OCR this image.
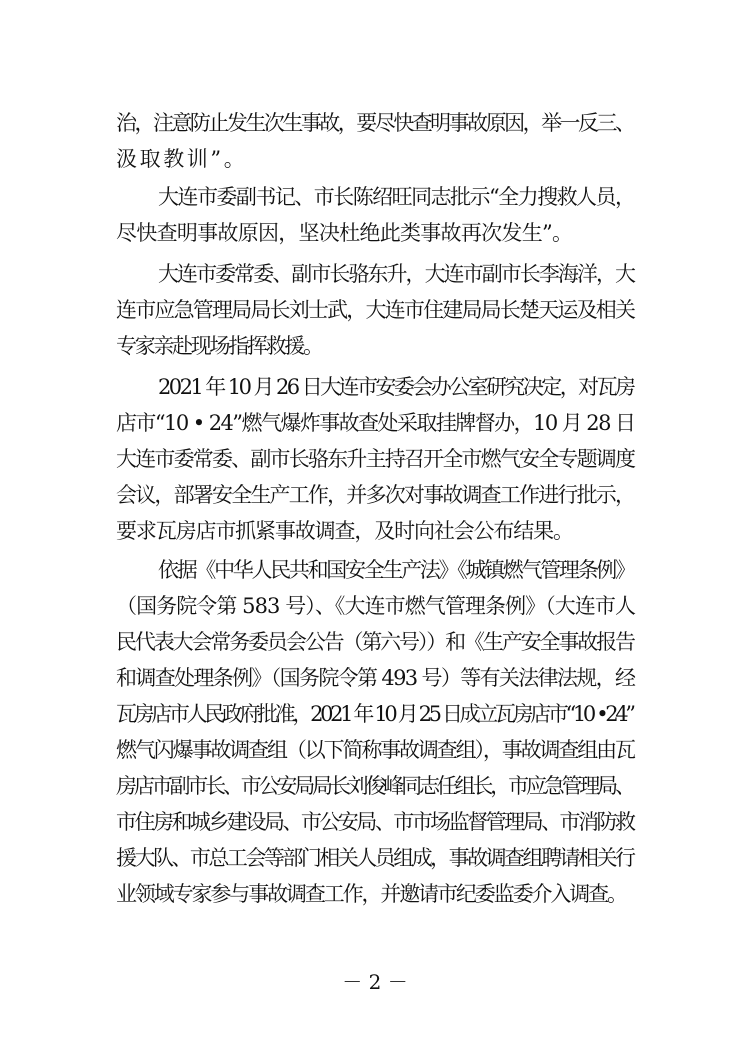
治，注意防止发生次生事故，要尽快查明事故原因，举一反三、
汲取教训”。
大连市委副书记、市长陈绍旺同志批示“全力搜救人员，
尽快查明事故原因，坚决杜绝此类事故再次发生”。
大连市委常委、副市长骆东升，大连市副市长李海洋，大
连市应急管理局局长刘士武，大连市住建局局长楚天运及相关
专家亲赴现场指挥救援。
2021 年 10 月 26 日大连市安委会办公室研究决定，对瓦房
店市“10 • 24”燃气爆炸事故查处采取挂牌督办，10 月 28 日
大连市委常委、副市长骆东升主持召开全市燃气安全专题调度
会议，部署安全生产工作，并多次对事故调查工作进行批示，
要求瓦房店市抓紧事故调查，及时向社会公布结果。
依据《中华人民共和国安全生产法》《城镇燃气管理条例》
（国务院令第 583 号）、《大连市燃气管理条例》（大连市人
民代表大会常务委员会公告（第六号））和《生产安全事故报告
和调查处理条例》（国务院令第 493 号）等有关法律法规，经
瓦房店市人民政府批准，2021 年 10 月 25 日成立瓦房店市“10 •24”
燃气闪爆事故调查组（以下简称事故调查组），事故调查组由瓦
房店市副市长、市公安局局长刘俊峰同志任组长，市应急管理局、
市住房和城乡建设局、市公安局、市市场监督管理局、市消防救
援大队、市总工会等部门相关人员组成，事故调查组聘请相关行
业领域专家参与事故调查工作，并邀请市纪委监委介入调查。
－ 2 －
